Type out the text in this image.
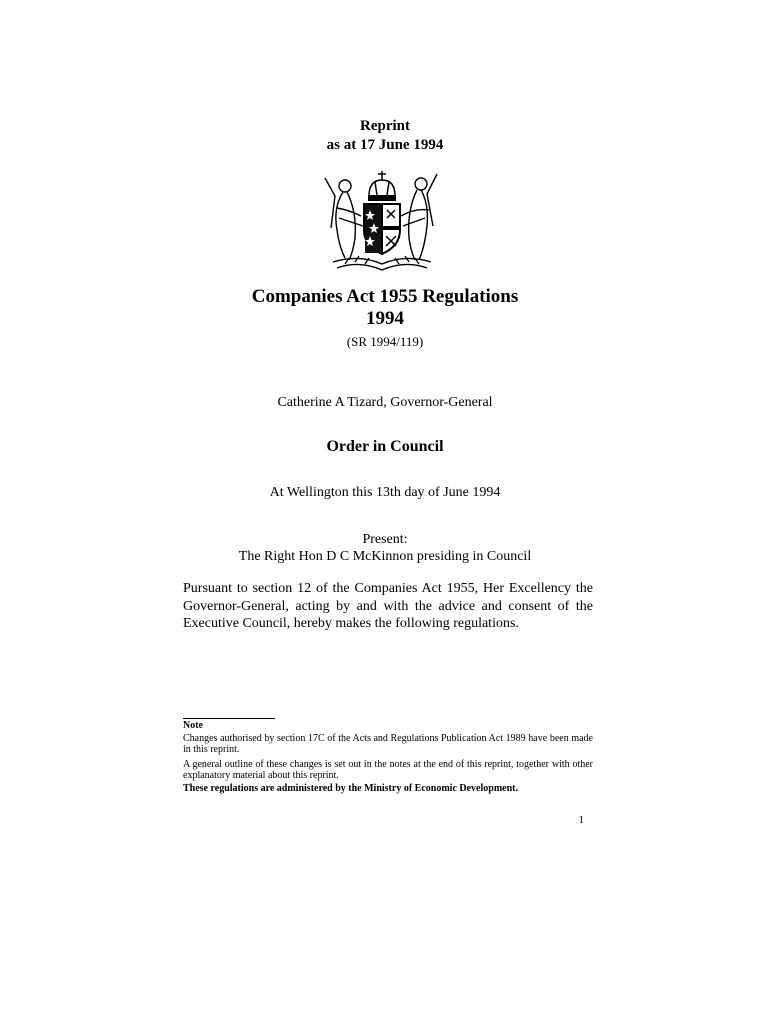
Reprint
as at 17 June 1994
Companies Act 1955 Regulations
1994
(SR 1994/119)
Catherine A Tizard, Governor-General
Order in Council
At Wellington this 13th day of June 1994
Present:
The Right Hon D C McKinnon presiding in Council
Pursuant to section 12 of the Companies Act 1955, Her Excellency the Governor-General, acting by and with the advice and consent of the Executive Council, hereby makes the following regulations.
Note
Changes authorised by section 17C of the Acts and Regulations Publication Act 1989 have been made in this reprint.
A general outline of these changes is set out in the notes at the end of this reprint, together with other explanatory material about this reprint.
These regulations are administered by the Ministry of Economic Development.
1
